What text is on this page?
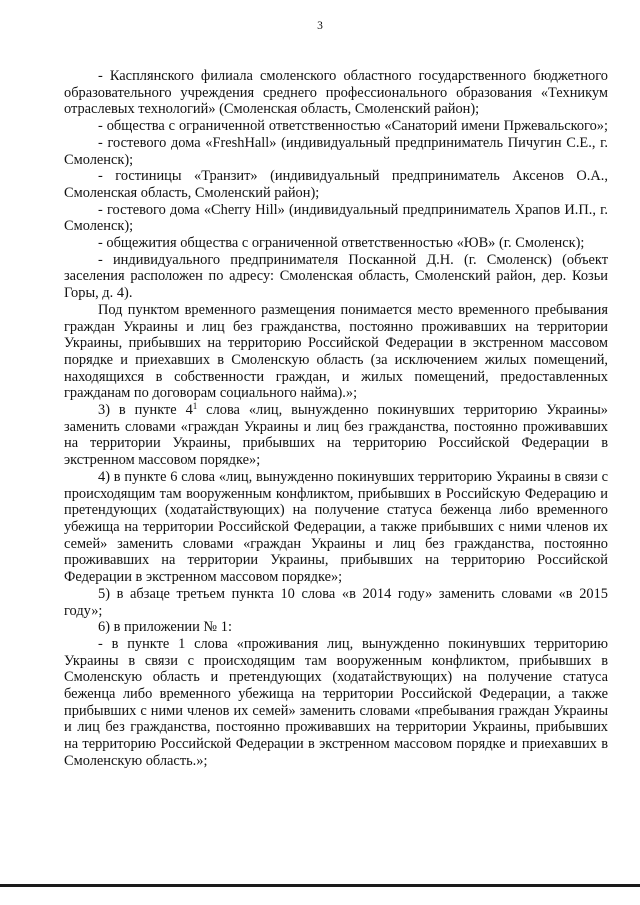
3

- Касплянского филиала смоленского областного государственного бюджетного образовательного учреждения среднего профессионального образования «Техникум отраслевых технологий» (Смоленская область, Смоленский район);

- общества с ограниченной ответственностью «Санаторий имени Пржевальского»;

- гостевого дома «FreshHall» (индивидуальный предприниматель Пичугин С.Е., г. Смоленск);

- гостиницы «Транзит» (индивидуальный предприниматель Аксенов О.А., Смоленская область, Смоленский район);

- гостевого дома «Cherry Hill» (индивидуальный предприниматель Храпов И.П., г. Смоленск);

- общежития общества с ограниченной ответственностью «ЮВ» (г. Смоленск);

- индивидуального предпринимателя Посканной Д.Н. (г. Смоленск) (объект заселения расположен по адресу: Смоленская область, Смоленский район, дер. Козьи Горы, д. 4).

Под пунктом временного размещения понимается место временного пребывания граждан Украины и лиц без гражданства, постоянно проживавших на территории Украины, прибывших на территорию Российской Федерации в экстренном массовом порядке и приехавших в Смоленскую область (за исключением жилых помещений, находящихся в собственности граждан, и жилых помещений, предоставленных гражданам по договорам социального найма).»;

3) в пункте $4^1$ слова «лиц, вынужденно покинувших территорию Украины» заменить словами «граждан Украины и лиц без гражданства, постоянно проживавших на территории Украины, прибывших на территорию Российской Федерации в экстренном массовом порядке»;

4) в пункте 6 слова «лиц, вынужденно покинувших территорию Украины в связи с происходящим там вооруженным конфликтом, прибывших в Российскую Федерацию и претендующих (ходатайствующих) на получение статуса беженца либо временного убежища на территории Российской Федерации, а также прибывших с ними членов их семей» заменить словами «граждан Украины и лиц без гражданства, постоянно проживавших на территории Украины, прибывших на территорию Российской Федерации в экстренном массовом порядке»;

5) в абзаце третьем пункта 10 слова «в 2014 году» заменить словами «в 2015 году»;

6) в приложении № 1:

- в пункте 1 слова «проживания лиц, вынужденно покинувших территорию Украины в связи с происходящим там вооруженным конфликтом, прибывших в Смоленскую область и претендующих (ходатайствующих) на получение статуса беженца либо временного убежища на территории Российской Федерации, а также прибывших с ними членов их семей» заменить словами «пребывания граждан Украины и лиц без гражданства, постоянно проживавших на территории Украины, прибывших на территорию Российской Федерации в экстренном массовом порядке и приехавших в Смоленскую область.»;
